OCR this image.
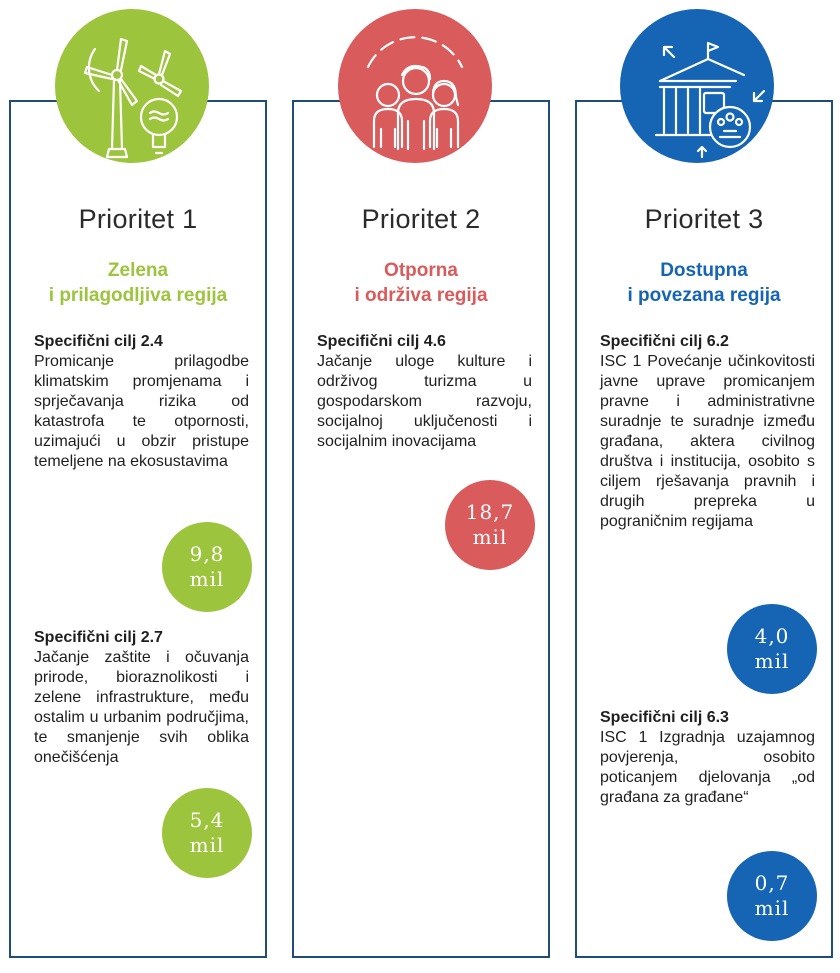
Prioritet 1
Zelena
i prilagodljiva regija
Specifični cilj 2.4
Promicanje prilagodbe klimatskim promjenama i sprječavanja rizika od katastrofa te otpornosti, uzimajući u obzir pristupe temeljene na ekosustavima
9,8
mil
Specifični cilj 2.7
Jačanje zaštite i očuvanja prirode, bioraznolikosti i zelene infrastrukture, među ostalim u urbanim područjima, te smanjenje svih oblika onečišćenja
5,4
mil
Prioritet 2
Otporna
i održiva regija
Specifični cilj 4.6
Jačanje uloge kulture i održivog turizma u gospodarskom razvoju, socijalnoj uključenosti i socijalnim inovacijama
18,7
mil
Prioritet 3
Dostupna
i povezana regija
Specifični cilj 6.2
ISC 1 Povećanje učinkovitosti javne uprave promicanjem pravne i administrativne suradnje te suradnje između građana, aktera civilnog društva i institucija, osobito s ciljem rješavanja pravnih i drugih prepreka u pograničnim regijama
4,0
mil
Specifični cilj 6.3
ISC 1 Izgradnja uzajamnog povjerenja, osobito poticanjem djelovanja „od građana za građane“
0,7
mil
